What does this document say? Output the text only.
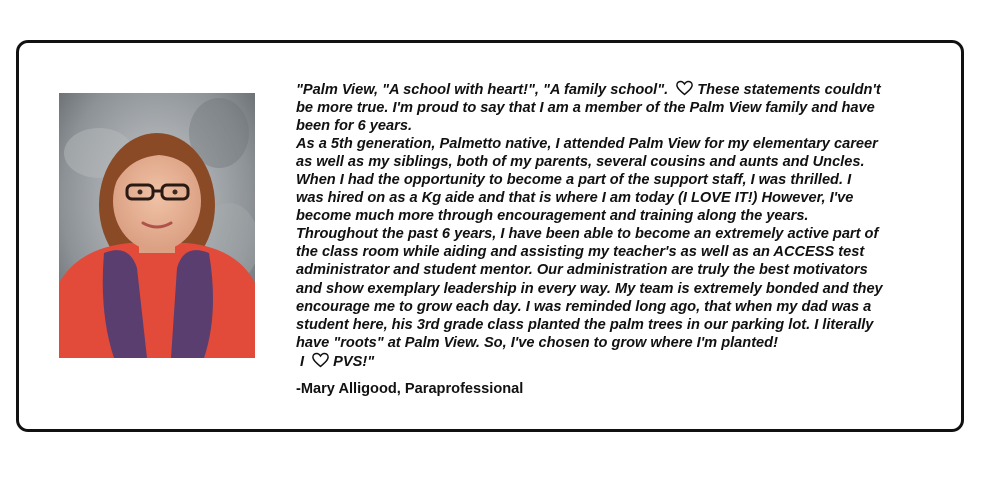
"Palm View, "A school with heart!", "A family school". These statements couldn't
be more true. I'm proud to say that I am a member of the Palm View family and have
been for 6 years.
As a 5th generation, Palmetto native, I attended Palm View for my elementary career
as well as my siblings, both of my parents, several cousins and aunts and Uncles.
When I had the opportunity to become a part of the support staff, I was thrilled. I
was hired on as a Kg aide and that is where I am today (I LOVE IT!) However, I've
become much more through encouragement and training along the years.
Throughout the past 6 years, I have been able to become an extremely active part of
the class room while aiding and assisting my teacher's as well as an ACCESS test
administrator and student mentor. Our administration are truly the best motivators
and show exemplary leadership in every way. My team is extremely bonded and they
encourage me to grow each day. I was reminded long ago, that when my dad was a
student here, his 3rd grade class planted the palm trees in our parking lot. I literally
have "roots" at Palm View. So, I've chosen to grow where I'm planted!
I PVS!"
-Mary Alligood, Paraprofessional
